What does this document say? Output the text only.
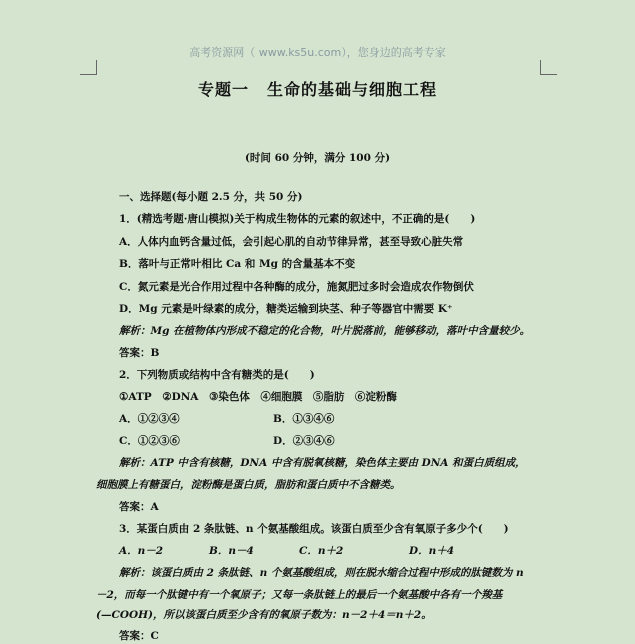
高考资源网（ www.ks5u.com），您身边的高考专家
专题一 生命的基础与细胞工程
(时间 60 分钟，满分 100 分)
一、选择题(每小题 2.5 分，共 50 分)
1．(精选考题·唐山模拟)关于构成生物体的元素的叙述中，不正确的是(　　)
A．人体内血钙含量过低，会引起心肌的自动节律异常，甚至导致心脏失常
B．落叶与正常叶相比 Ca 和 Mg 的含量基本不变
C．氮元素是光合作用过程中各种酶的成分，施氮肥过多时会造成农作物倒伏
D．Mg 元素是叶绿素的成分，糖类运输到块茎、种子等器官中需要 K⁺
解析：Mg 在植物体内形成不稳定的化合物，叶片脱落前，能够移动，落叶中含量较少。
答案：B
2．下列物质或结构中含有糖类的是(　　)
①ATP　②DNA　③染色体　④细胞膜　⑤脂肪　⑥淀粉酶
A．①②③④	B．①③④⑥
C．①②③⑥	D．②③④⑥
解析：ATP 中含有核糖，DNA 中含有脱氧核糖，染色体主要由 DNA 和蛋白质组成，
细胞膜上有糖蛋白，淀粉酶是蛋白质，脂肪和蛋白质中不含糖类。
答案：A
3．某蛋白质由 2 条肽链、n 个氨基酸组成。该蛋白质至少含有氧原子多少个(　　)
A．n－2	B．n－4	C．n＋2	D．n＋4
解析：该蛋白质由 2 条肽链、n 个氨基酸组成，则在脱水缩合过程中形成的肽键数为 n
－2，而每一个肽键中有一个氧原子；又每一条肽链上的最后一个氨基酸中各有一个羧基
(—COOH)，所以该蛋白质至少含有的氧原子数为：n－2＋4＝n＋2。
答案：C
